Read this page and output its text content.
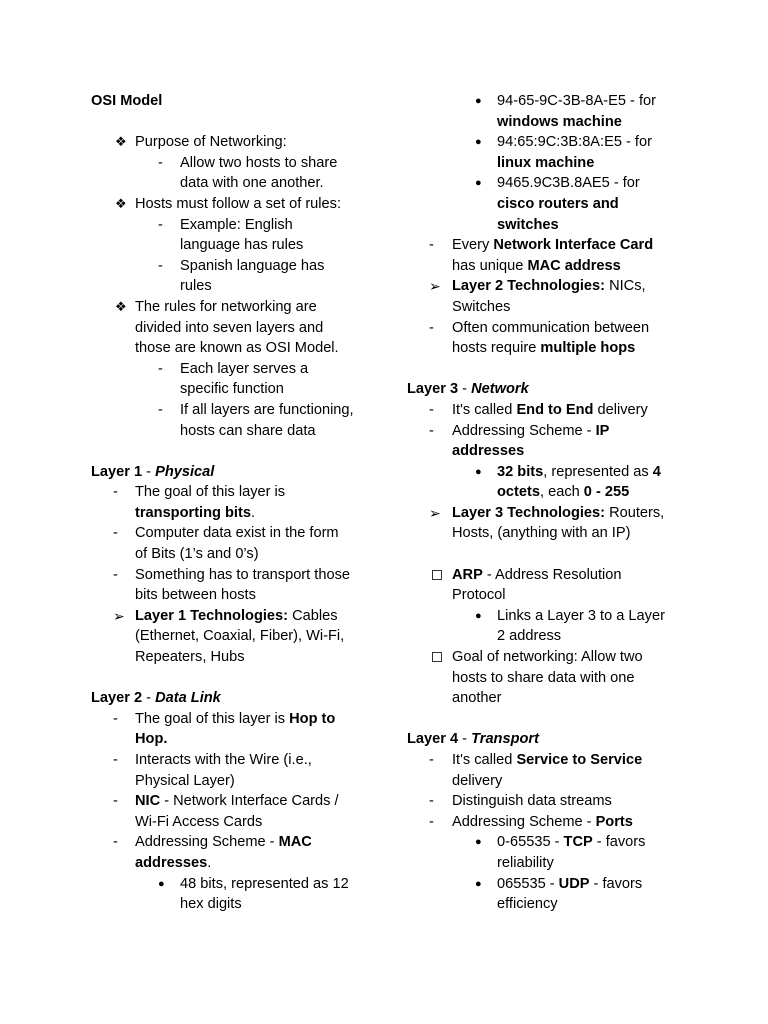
OSI Model
❖ Purpose of Networking:
- Allow two hosts to share
data with one another.
❖ Hosts must follow a set of rules:
- Example: English
language has rules
- Spanish language has
rules
❖ The rules for networking are
divided into seven layers and
those are known as OSI Model.
- Each layer serves a
specific function
- If all layers are functioning,
hosts can share data
Layer 1 - Physical
- The goal of this layer is
transporting bits.
- Computer data exist in the form
of Bits (1’s and 0’s)
- Something has to transport those
bits between hosts
➢ Layer 1 Technologies: Cables
(Ethernet, Coaxial, Fiber), Wi-Fi,
Repeaters, Hubs
Layer 2 - Data Link
- The goal of this layer is Hop to
Hop.
- Interacts with the Wire (i.e.,
Physical Layer)
- NIC - Network Interface Cards /
Wi-Fi Access Cards
- Addressing Scheme - MAC
addresses.
● 48 bits, represented as 12
hex digits
● 94-65-9C-3B-8A-E5 - for
windows machine
● 94:65:9C:3B:8A:E5 - for
linux machine
● 9465.9C3B.8AE5 - for
cisco routers and
switches
- Every Network Interface Card
has unique MAC address
➢ Layer 2 Technologies: NICs,
Switches
- Often communication between
hosts require multiple hops
Layer 3 - Network
- It's called End to End delivery
- Addressing Scheme - IP
addresses
● 32 bits, represented as 4
octets, each 0 - 255
➢ Layer 3 Technologies: Routers,
Hosts, (anything with an IP)
ARP - Address Resolution
Protocol
● Links a Layer 3 to a Layer
2 address
Goal of networking: Allow two
hosts to share data with one
another
Layer 4 - Transport
- It's called Service to Service
delivery
- Distinguish data streams
- Addressing Scheme - Ports
● 0-65535 - TCP - favors
reliability
● 065535 - UDP - favors
efficiency
